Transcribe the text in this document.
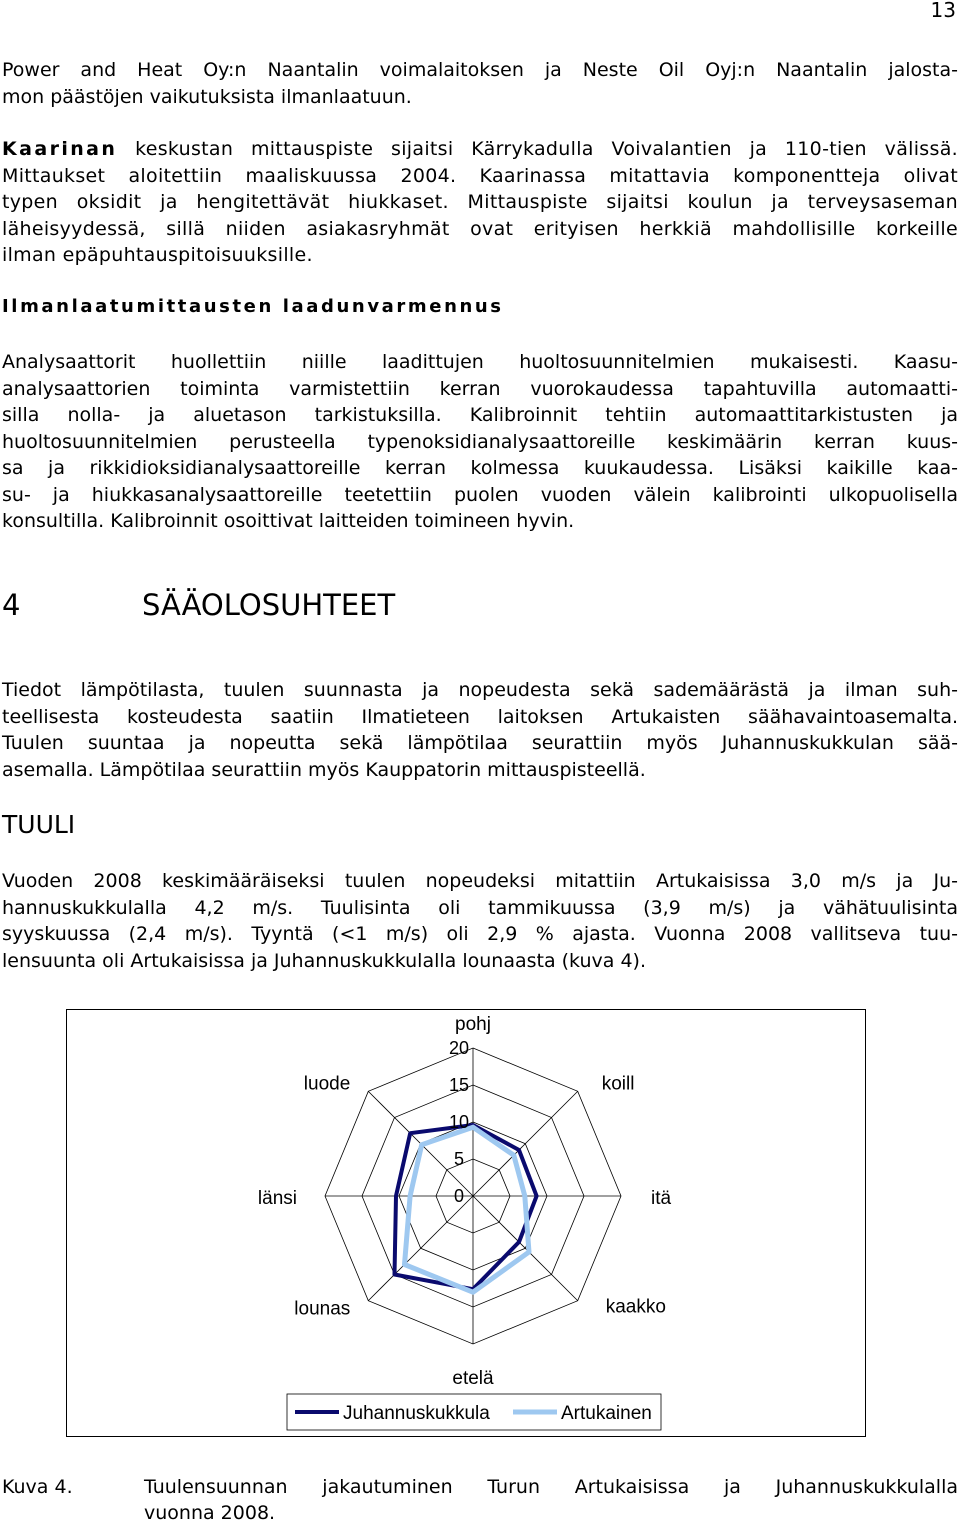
13
Power and Heat Oy:n Naantalin voimalaitoksen ja Neste Oil Oyj:n Naantalin jalosta-
mon päästöjen vaikutuksista ilmanlaatuun.
Kaarinan keskustan mittauspiste sijaitsi Kärrykadulla Voivalantien ja 110-tien välissä.
Mittaukset aloitettiin maaliskuussa 2004. Kaarinassa mitattavia komponentteja olivat
typen oksidit ja hengitettävät hiukkaset. Mittauspiste sijaitsi koulun ja terveysaseman
läheisyydessä, sillä niiden asiakasryhmät ovat erityisen herkkiä mahdollisille korkeille
ilman epäpuhtauspitoisuuksille.
Ilmanlaatumittausten laadunvarmennus
Analysaattorit huollettiin niille laadittujen huoltosuunnitelmien mukaisesti. Kaasu-
analysaattorien toiminta varmistettiin kerran vuorokaudessa tapahtuvilla automaatti-
silla nolla- ja aluetason tarkistuksilla. Kalibroinnit tehtiin automaattitarkistusten ja
huoltosuunnitelmien perusteella typenoksidianalysaattoreille keskimäärin kerran kuus-
sa ja rikkidioksidianalysaattoreille kerran kolmessa kuukaudessa. Lisäksi kaikille kaa-
su- ja hiukkasanalysaattoreille teetettiin puolen vuoden välein kalibrointi ulkopuolisella
konsultilla. Kalibroinnit osoittivat laitteiden toimineen hyvin.
4	SÄÄOLOSUHTEET
Tiedot lämpötilasta, tuulen suunnasta ja nopeudesta sekä sademäärästä ja ilman suh-
teellisesta kosteudesta saatiin Ilmatieteen laitoksen Artukaisten säähavaintoasemalta.
Tuulen suuntaa ja nopeutta sekä lämpötilaa seurattiin myös Juhannuskukkulan sää-
asemalla. Lämpötilaa seurattiin myös Kauppatorin mittauspisteellä.
TUULI
Vuoden 2008 keskimääräiseksi tuulen nopeudeksi mitattiin Artukaisissa 3,0 m/s ja Ju-
hannuskukkulalla 4,2 m/s. Tuulisinta oli tammikuussa (3,9 m/s) ja vähätuulisinta
syyskuussa (2,4 m/s). Tyyntä (<1 m/s) oli 2,9 % ajasta. Vuonna 2008 vallitseva tuu-
lensuunta oli Artukaisissa ja Juhannuskukkulalla lounaasta (kuva 4).
0
5
10
15
20
pohj
koill
itä
kaakko
etelä
lounas
länsi
luode
Juhannuskukkula	Artukainen
Kuva 4.	Tuulensuunnan jakautuminen Turun Artukaisissa ja Juhannuskukkulalla
vuonna 2008.
